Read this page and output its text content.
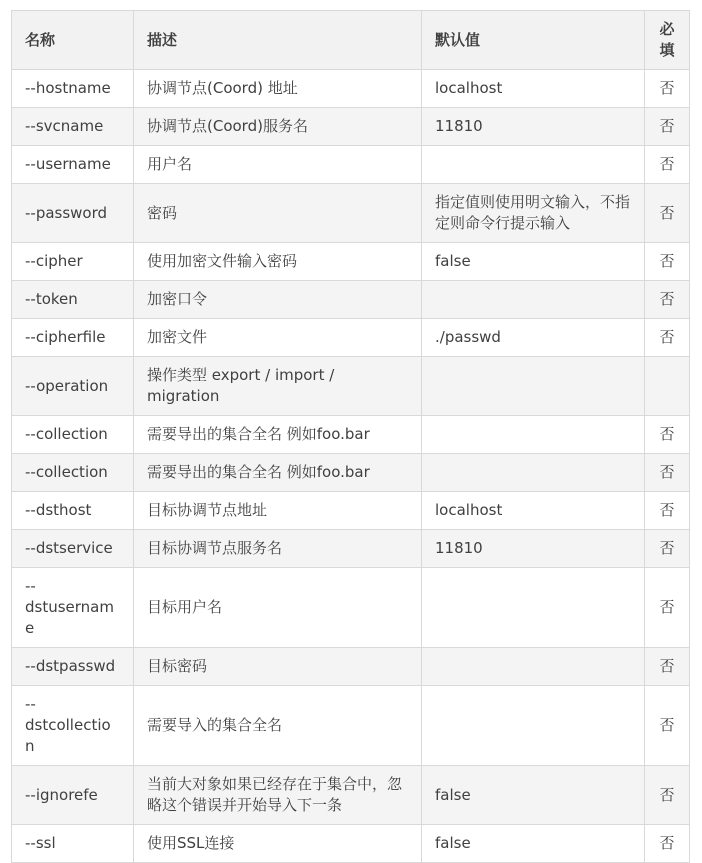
名称	描述	默认值	必填
--hostname	协调节点(Coord) 地址	localhost	否
--svcname	协调节点(Coord)服务名	11810	否
--username	用户名		否
--password	密码	指定值则使用明文输入，不指定则命令行提示输入	否
--cipher	使用加密文件输入密码	false	否
--token	加密口令		否
--cipherfile	加密文件	./passwd	否
--operation	操作类型 export / import / migration		
--collection	需要导出的集合全名 例如foo.bar		否
--collection	需要导出的集合全名 例如foo.bar		否
--dsthost	目标协调节点地址	localhost	否
--dstservice	目标协调节点服务名	11810	否
--dstusername	目标用户名		否
--dstpasswd	目标密码		否
--dstcollection	需要导入的集合全名		否
--ignorefe	当前大对象如果已经存在于集合中，忽略这个错误并开始导入下一条	false	否
--ssl	使用SSL连接	false	否
